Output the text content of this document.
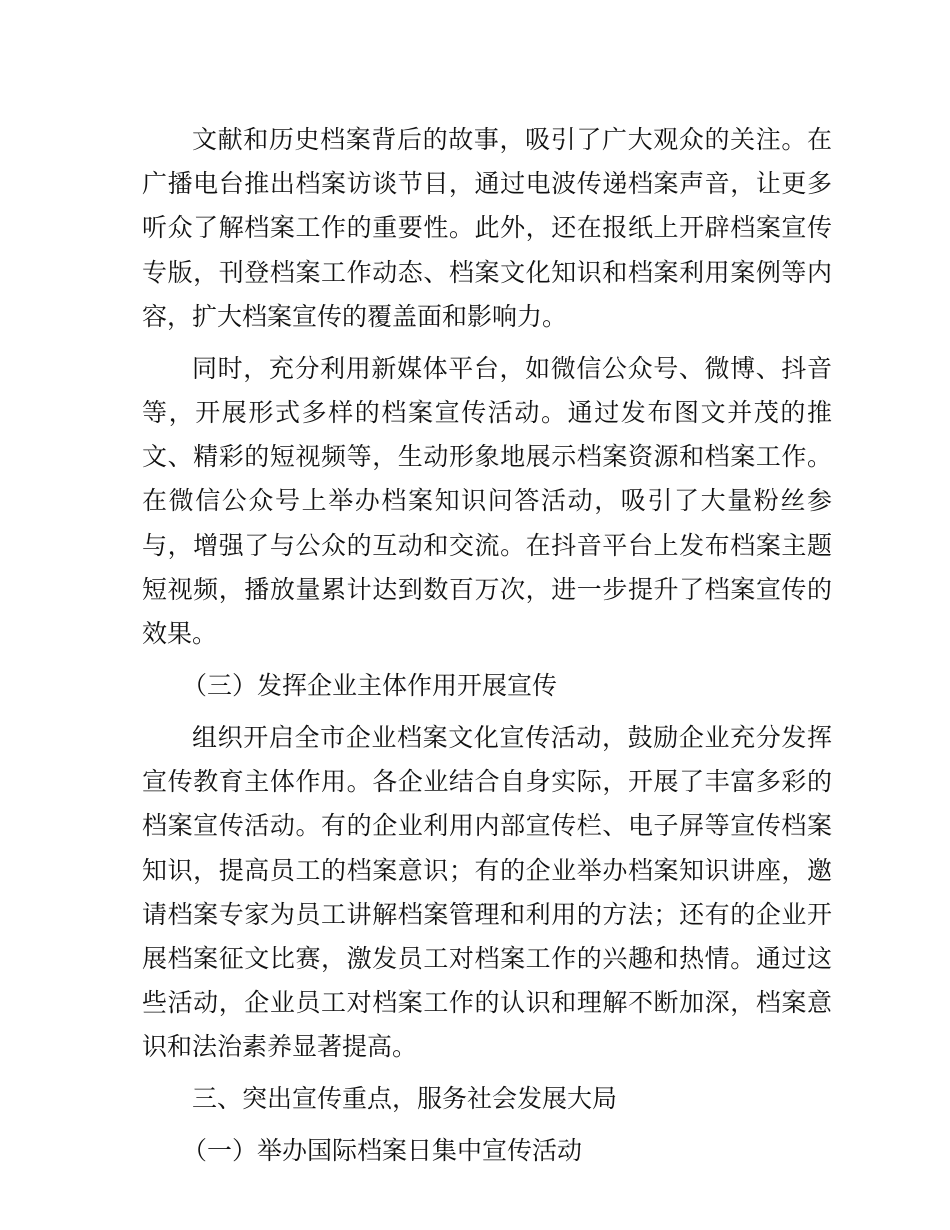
文献和历史档案背后的故事，吸引了广大观众的关注。在广播电台推出档案访谈节目，通过电波传递档案声音，让更多听众了解档案工作的重要性。此外，还在报纸上开辟档案宣传专版，刊登档案工作动态、档案文化知识和档案利用案例等内容，扩大档案宣传的覆盖面和影响力。

同时，充分利用新媒体平台，如微信公众号、微博、抖音等，开展形式多样的档案宣传活动。通过发布图文并茂的推文、精彩的短视频等，生动形象地展示档案资源和档案工作。在微信公众号上举办档案知识问答活动，吸引了大量粉丝参与，增强了与公众的互动和交流。在抖音平台上发布档案主题短视频，播放量累计达到数百万次，进一步提升了档案宣传的效果。

（三）发挥企业主体作用开展宣传

组织开启全市企业档案文化宣传活动，鼓励企业充分发挥宣传教育主体作用。各企业结合自身实际，开展了丰富多彩的档案宣传活动。有的企业利用内部宣传栏、电子屏等宣传档案知识，提高员工的档案意识；有的企业举办档案知识讲座，邀请档案专家为员工讲解档案管理和利用的方法；还有的企业开展档案征文比赛，激发员工对档案工作的兴趣和热情。通过这些活动，企业员工对档案工作的认识和理解不断加深，档案意识和法治素养显著提高。

三、突出宣传重点，服务社会发展大局

（一）举办国际档案日集中宣传活动
